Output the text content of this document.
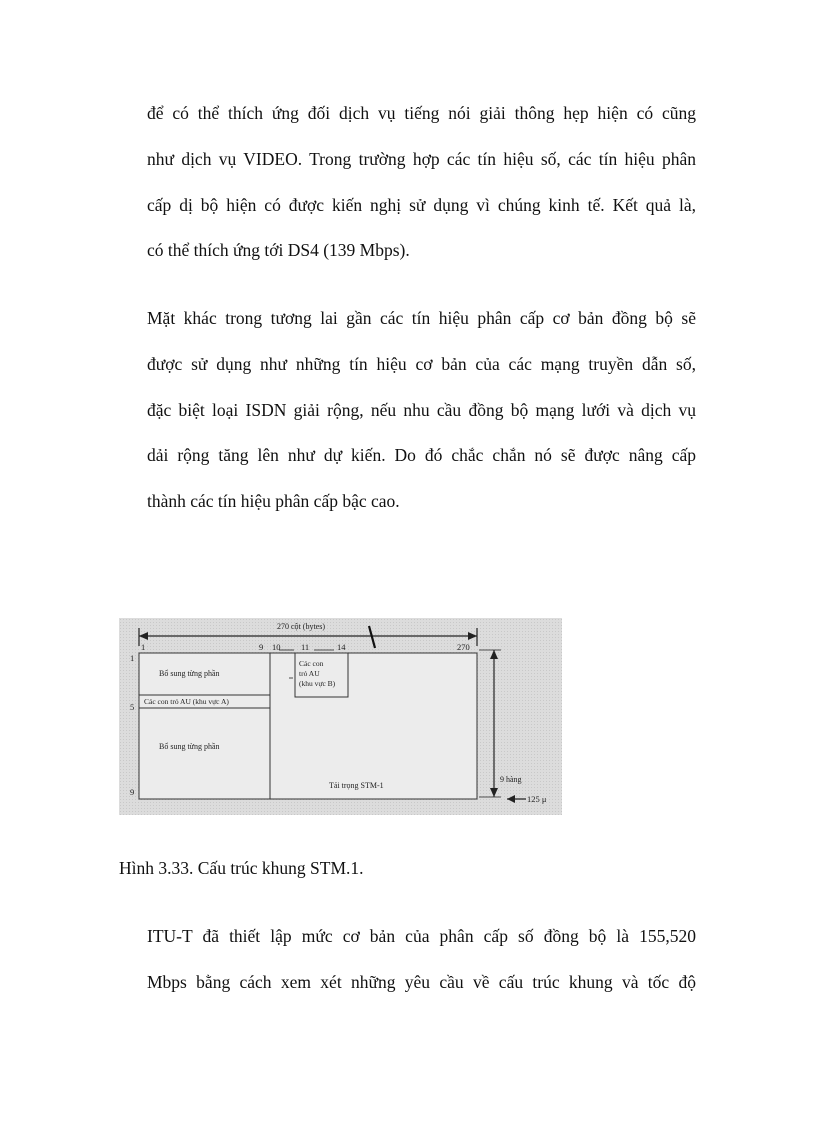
để có thể thích ứng đối dịch vụ tiếng nói giải thông hẹp hiện có cũng
như dịch vụ VIDEO. Trong trường hợp các tín hiệu số, các tín hiệu phân
cấp dị bộ hiện có được kiến nghị sử dụng vì chúng kinh tế. Kết quả là,
có thể thích ứng tới DS4 (139 Mbps).
Mặt khác trong tương lai gần các tín hiệu phân cấp cơ bản đồng bộ sẽ
được sử dụng như những tín hiệu cơ bản của các mạng truyền dẫn số,
đặc biệt loại ISDN giải rộng, nếu nhu cầu đồng bộ mạng lưới và dịch vụ
dải rộng tăng lên như dự kiến. Do đó chắc chắn nó sẽ được nâng cấp
thành các tín hiệu phân cấp bậc cao.
270 cột (bytes)
1	9 10 11	14	270
1
5
9
Bổ sung từng phần
Các con trỏ AU (khu vực A)
Bổ sung từng phần
Các con
trỏ AU
(khu vực B)
Tải trọng STM-1
9 hàng
125 μ

Hình 3.33. Cấu trúc khung STM.1.

ITU-T đã thiết lập mức cơ bản của phân cấp số đồng bộ là 155,520
Mbps bằng cách xem xét những yêu cầu về cấu trúc khung và tốc độ
